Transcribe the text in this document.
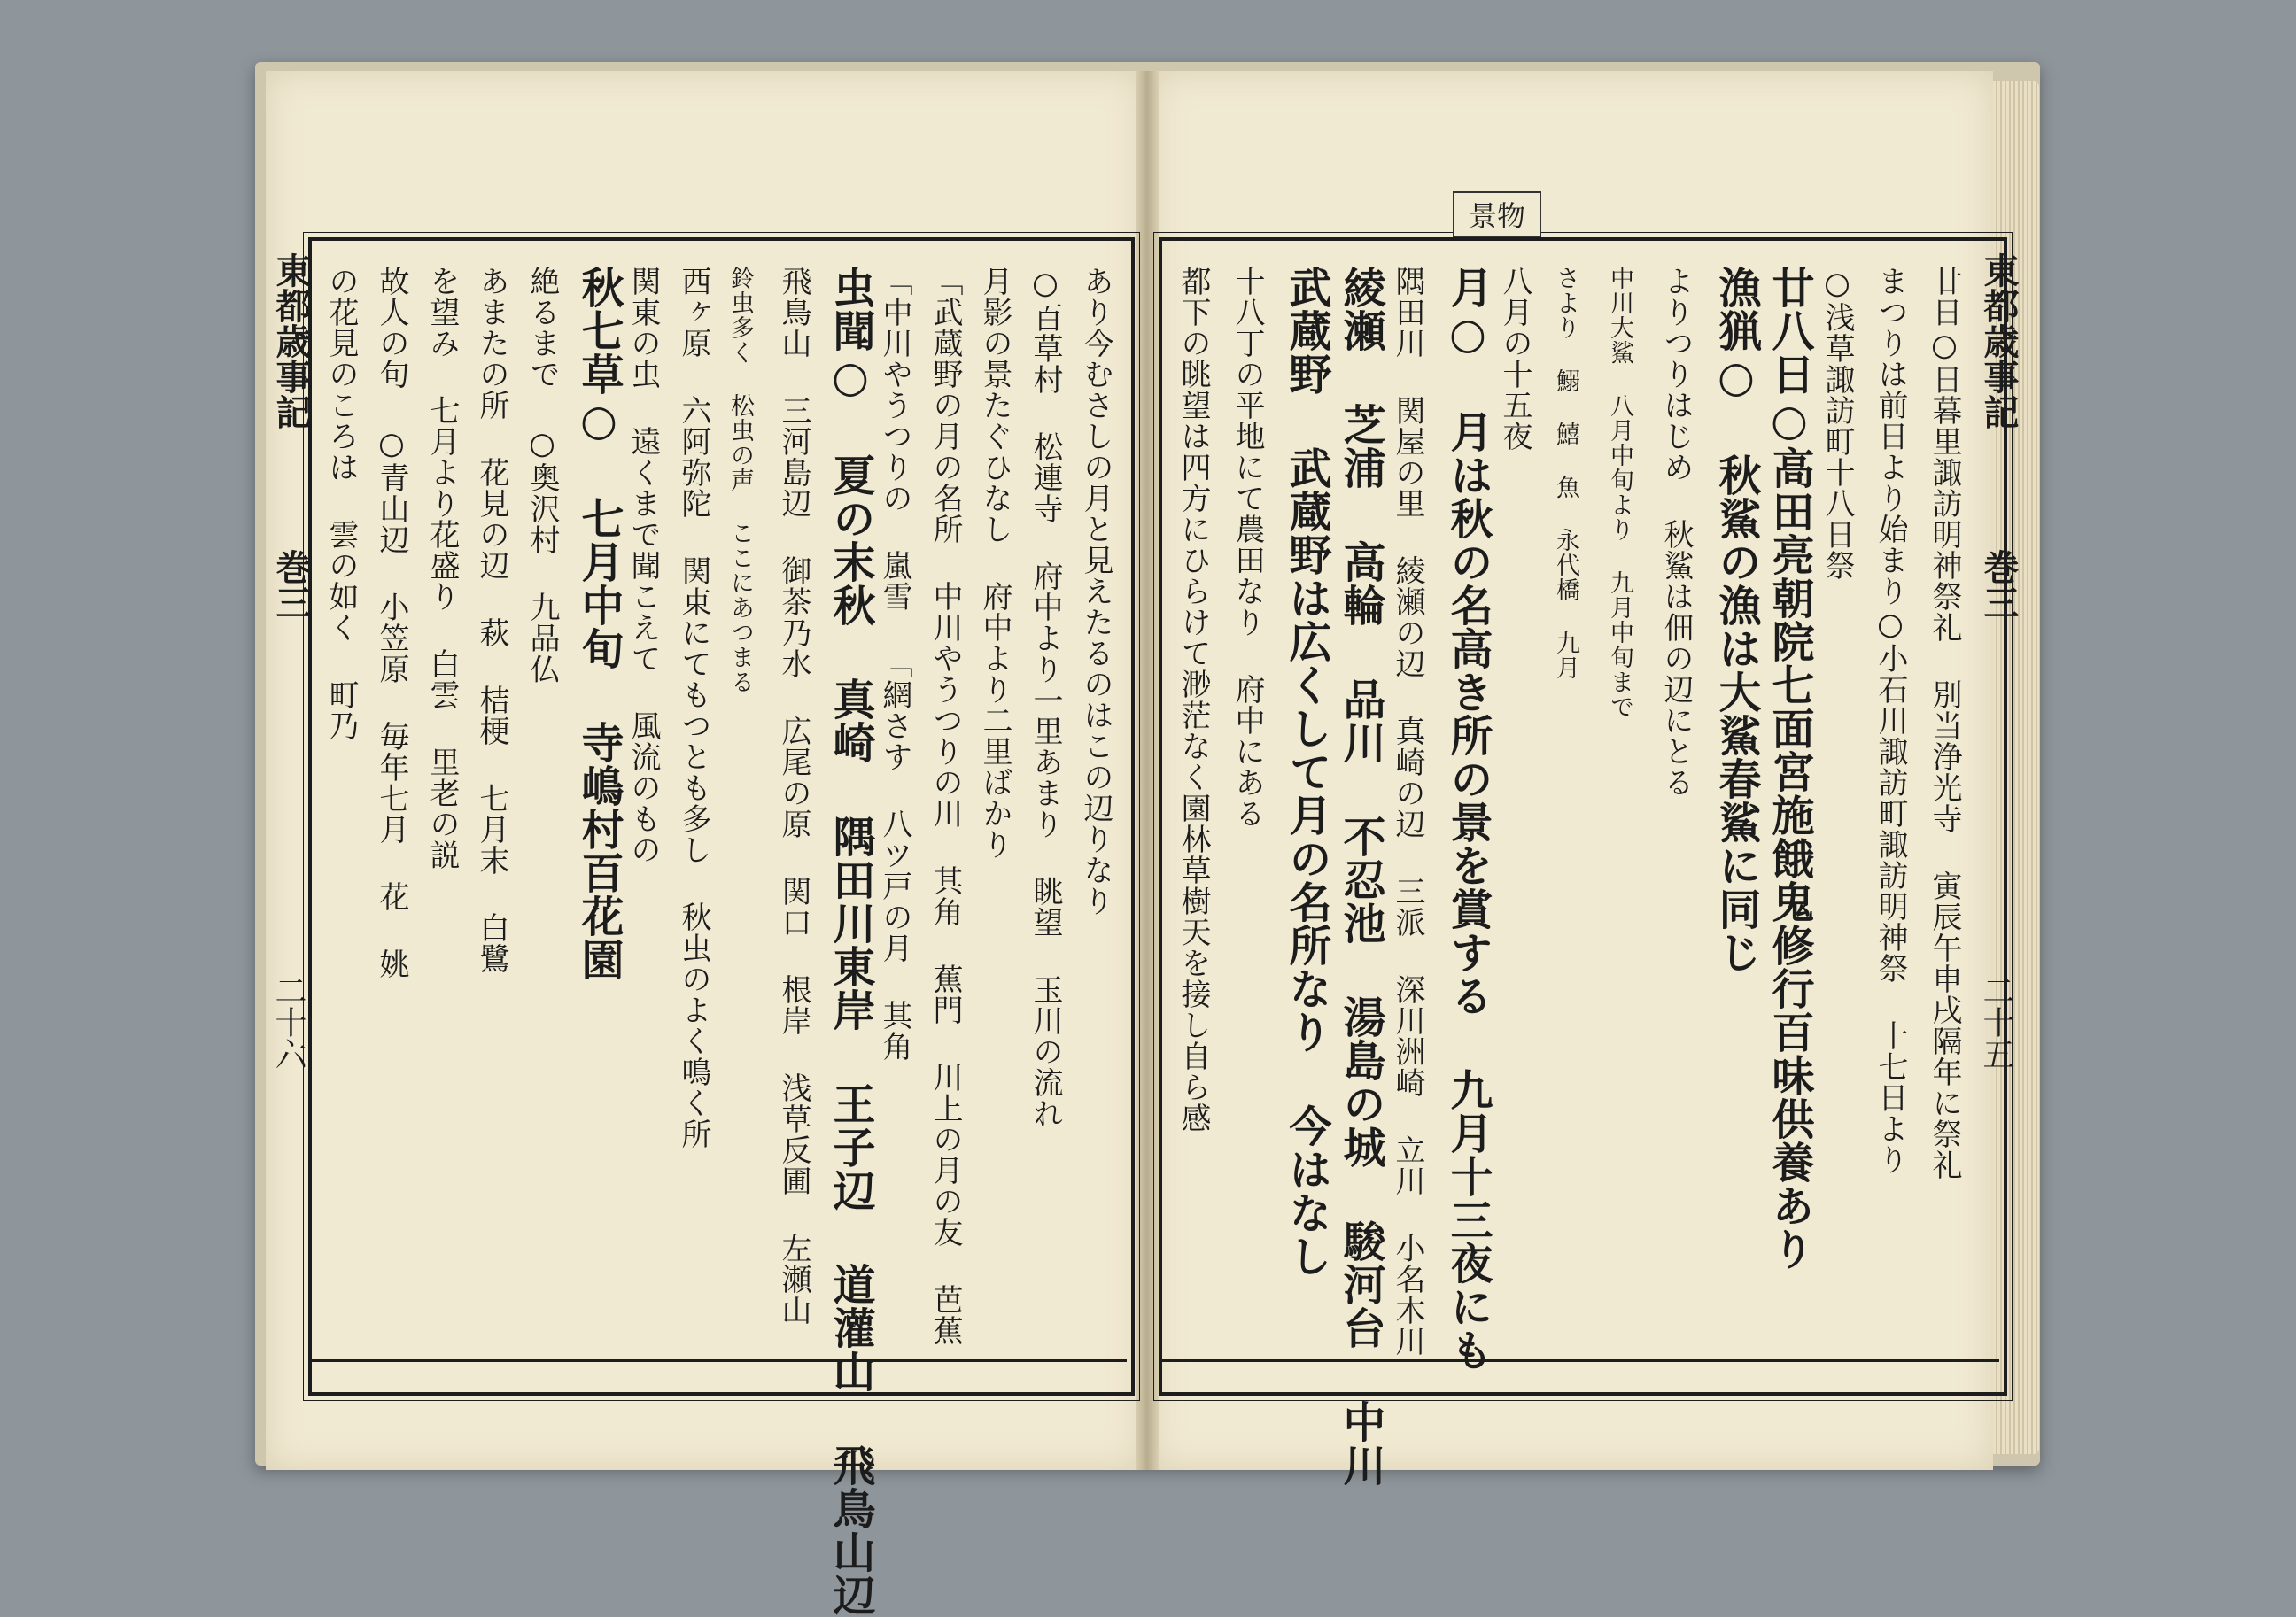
景物
東都歳事記
巻三
二十五
東都歳事記
巻三
二十六	廿日○日暮里諏訪明神祭礼 別当浄光寺 寅辰午申戌隔年に祭礼
まつりは前日より始まり○小石川諏訪町諏訪明神祭 十七日より
○浅草諏訪町十八日祭
廿八日○高田亮朝院七面宮施餓鬼修行百味供養あり
漁猟○ 秋鯊の漁は大鯊春鯊に同じ
よりつりはじめ 秋鯊は佃の辺にとる
中川大鯊 八月中旬より 九月中旬まで
さより 鰯 鱚 魚 永代橋 九月
八月の十五夜
月○ 月は秋の名高き所の景を賞する 九月十三夜にも
隅田川 関屋の里 綾瀬の辺 真崎の辺 三派 深川洲崎 立川 小名木川
綾瀬 芝浦 高輪 品川 不忍池 湯島の城 駿河台 中川
武蔵野 武蔵野は広くして月の名所なり 今はなし
十八丁の平地にて農田なり 府中にある
都下の眺望は四方にひらけて渺茫なく園林草樹天を接し自ら感
あり今むさしの月と見えたるのはこの辺りなり
○百草村 松連寺 府中より一里あまり 眺望 玉川の流れ
月影の景たぐひなし 府中より二里ばかり
「武蔵野の月の名所 中川やうつりの川 其角 蕉門 川上の月の友 芭蕉
「中川やうつりの 嵐雪 「網さす 八ツ戸の月 其角
虫聞○ 夏の末秋 真崎 隅田川東岸 王子辺 道灌山 飛鳥山辺
飛鳥山 三河島辺 御茶乃水 広尾の原 関口 根岸 浅草反圃 左瀬山
鈴虫多く 松虫の声 ここにあつまる
西ヶ原 六阿弥陀 関東にてもつとも多し 秋虫のよく鳴く所
関東の虫 遠くまで聞こえて 風流のもの
秋七草○ 七月中旬 寺嶋村百花園
絶るまで ○奥沢村 九品仏
あまたの所 花見の辺 萩 桔梗 七月末 白鷺
を望み 七月より花盛り 白雲 里老の説
故人の句 ○青山辺 小笠原 毎年七月 花 姚
の花見のころは 雲の如く 町乃
